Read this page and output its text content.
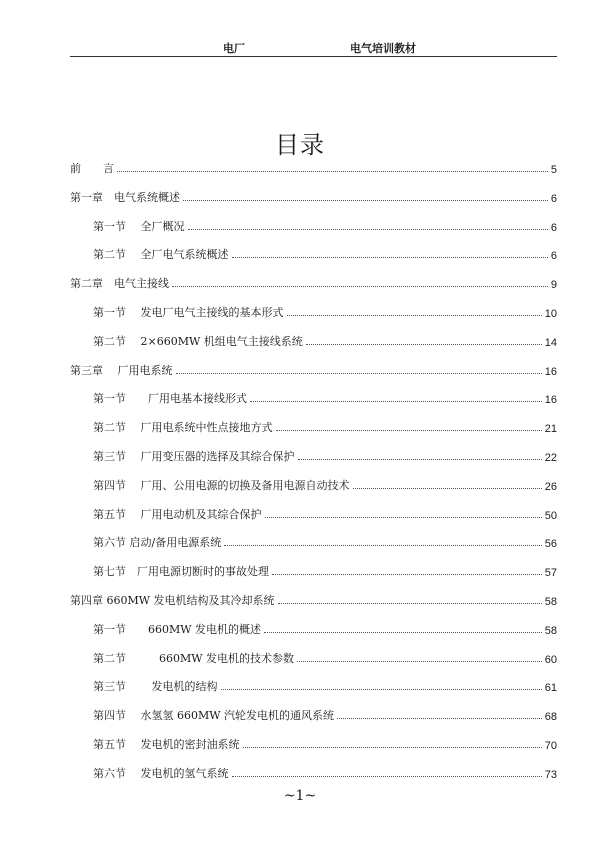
电厂	电气培训教材
目录
前　　言	5
第一章　电气系统概述	6
第一节　 全厂概况	6
第二节　 全厂电气系统概述	6
第二章　电气主接线	9
第一节　 发电厂电气主接线的基本形式	10
第二节　 2×660MW 机组电气主接线系统	14
第三章　 厂用电系统	16
第一节　　厂用电基本接线形式	16
第二节　 厂用电系统中性点接地方式	21
第三节　 厂用变压器的选择及其综合保护	22
第四节　 厂用、公用电源的切换及备用电源自动技术	26
第五节　 厂用电动机及其综合保护	50
第六节 启动/备用电源系统	56
第七节　厂用电源切断时的事故处理	57
第四章 660MW 发电机结构及其冷却系统	58
第一节　　660MW 发电机的概述	58
第二节　　　660MW 发电机的技术参数	60
第三节　　 发电机的结构	61
第四节　 水氢氢 660MW 汽轮发电机的通风系统	68
第五节　 发电机的密封油系统	70
第六节　 发电机的氢气系统	73
~1~
